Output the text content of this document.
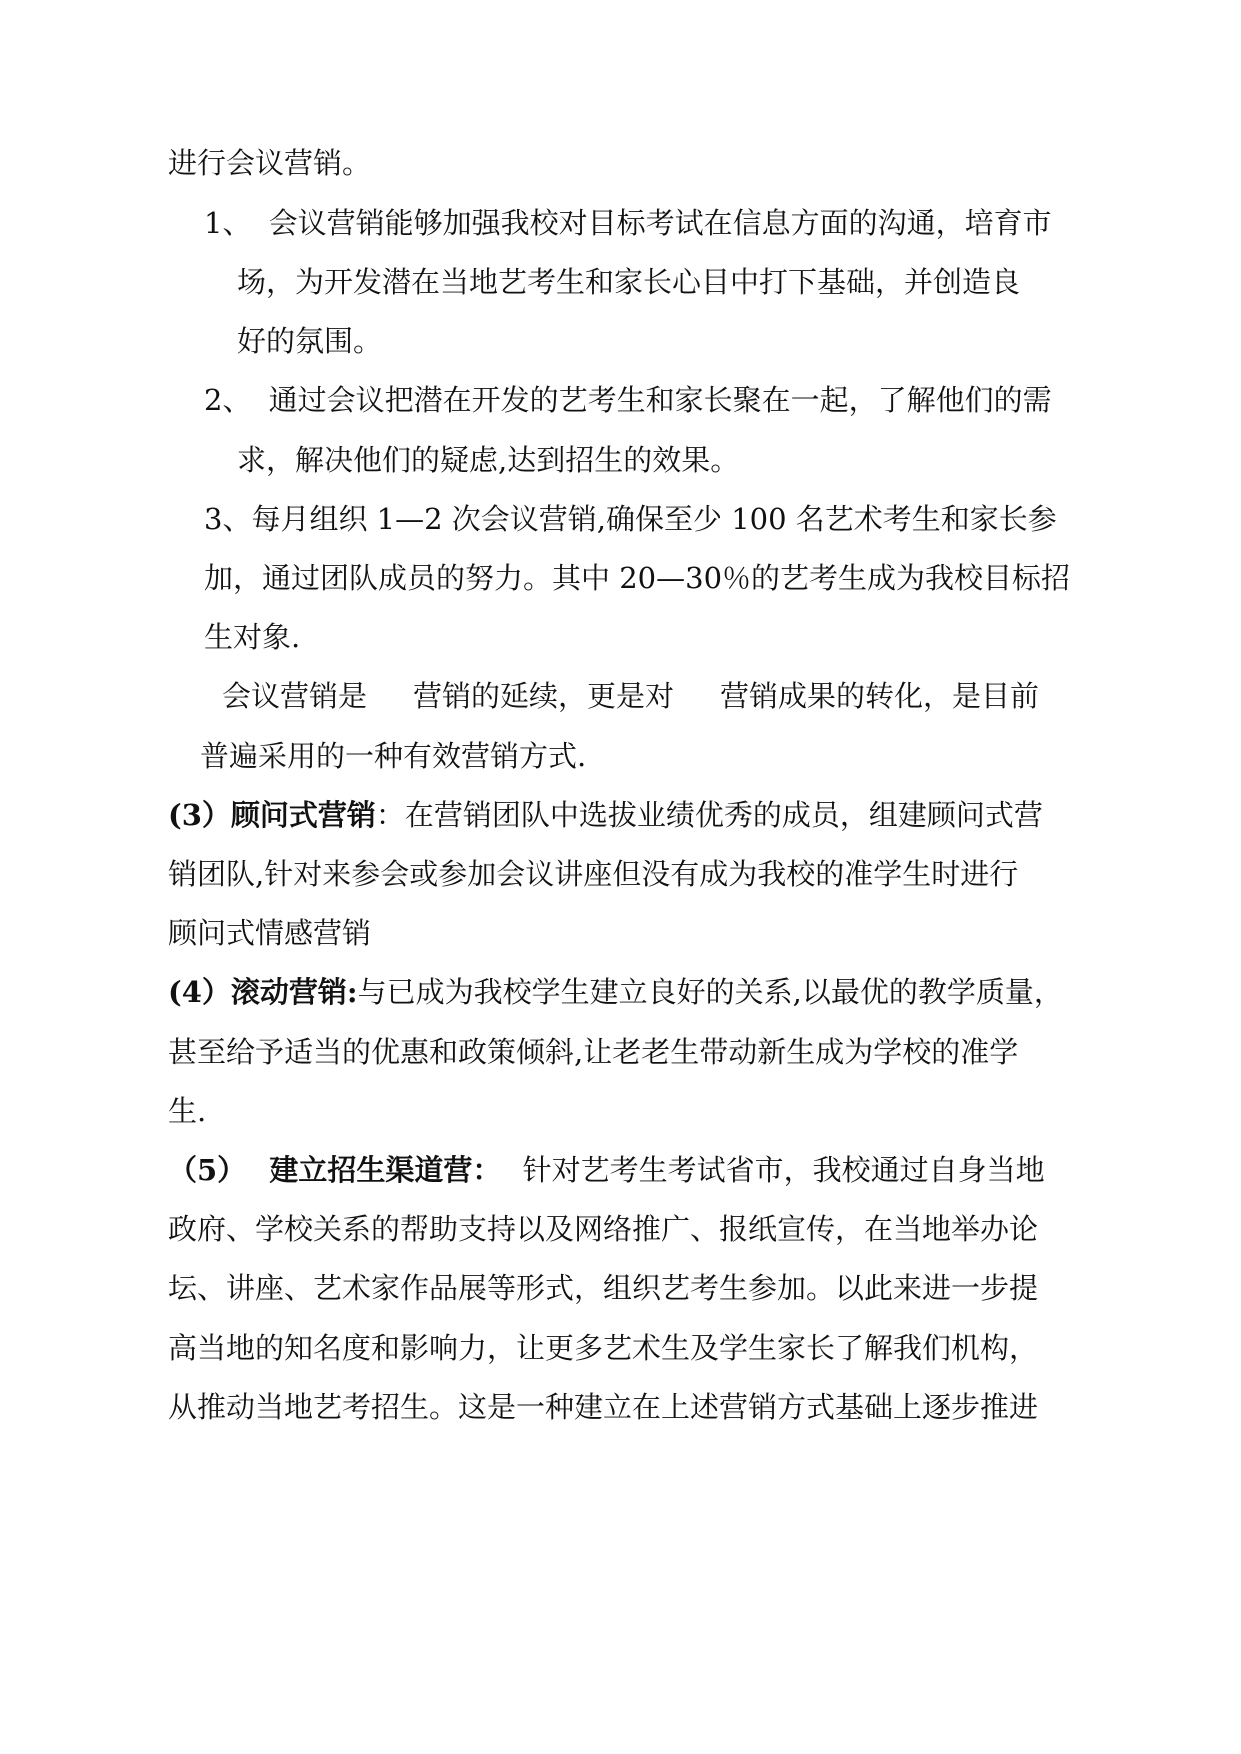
进行会议营销。
1、 会议营销能够加强我校对目标考试在信息方面的沟通，培育市
场，为开发潜在当地艺考生和家长心目中打下基础，并创造良
好的氛围。
2、 通过会议把潜在开发的艺考生和家长聚在一起，了解他们的需
求，解决他们的疑虑,达到招生的效果。
3、每月组织 1—2 次会议营销,确保至少 100 名艺术考生和家长参
加，通过团队成员的努力。其中 20—30％的艺考生成为我校目标招
生对象.
会议营销是 营销的延续，更是对 营销成果的转化，是目前
普遍采用的一种有效营销方式.
(3）顾问式营销：在营销团队中选拔业绩优秀的成员，组建顾问式营
销团队,针对来参会或参加会议讲座但没有成为我校的准学生时进行
顾问式情感营销
(4）滚动营销:与已成为我校学生建立良好的关系,以最优的教学质量，
甚至给予适当的优惠和政策倾斜,让老老生带动新生成为学校的准学
生.
（5） 建立招生渠道营： 针对艺考生考试省市，我校通过自身当地
政府、学校关系的帮助支持以及网络推广、报纸宣传，在当地举办论
坛、讲座、艺术家作品展等形式，组织艺考生参加。以此来进一步提
高当地的知名度和影响力，让更多艺术生及学生家长了解我们机构，
从推动当地艺考招生。这是一种建立在上述营销方式基础上逐步推进
